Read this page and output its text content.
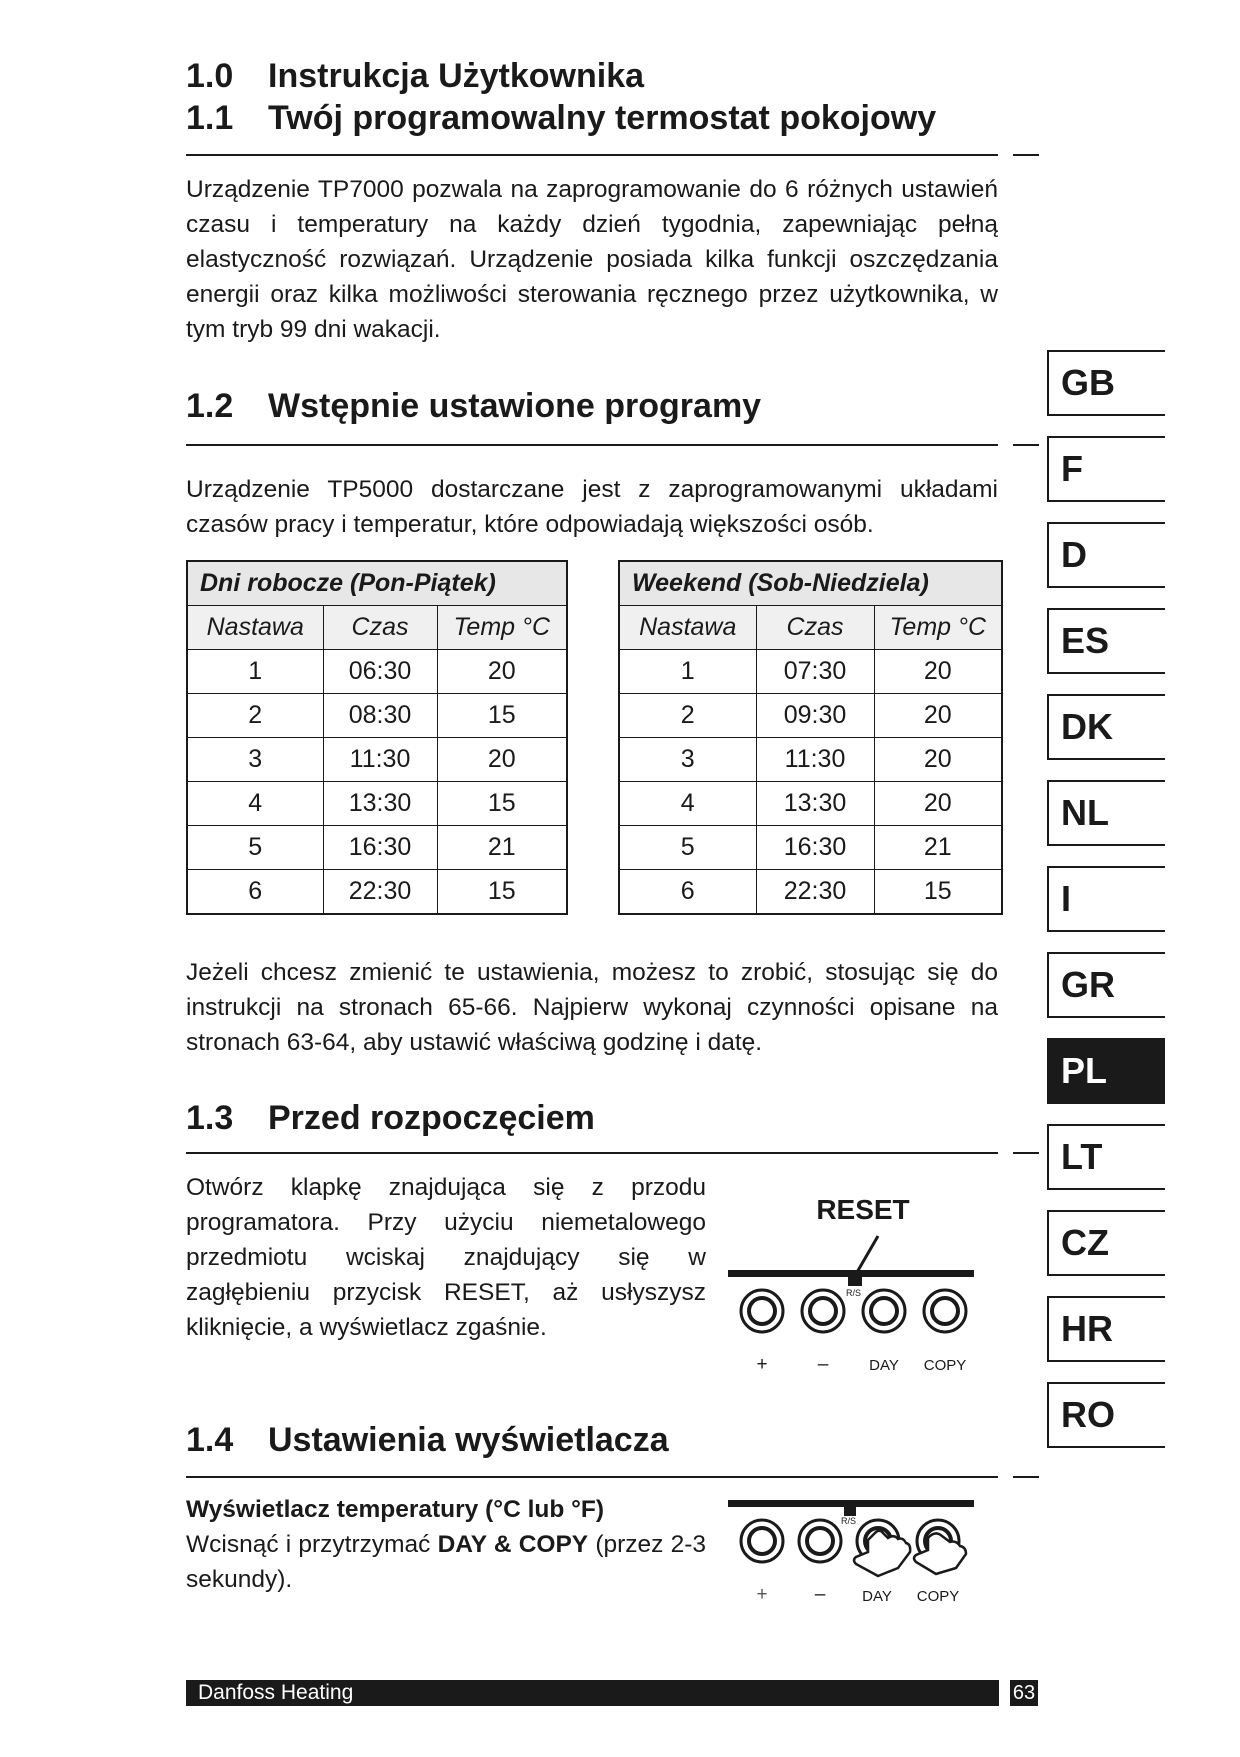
1.0 Instrukcja Użytkownika
1.1 Twój programowalny termostat pokojowy
Urządzenie TP7000 pozwala na zaprogramowanie do 6 różnych ustawień czasu i temperatury na każdy dzień tygodnia, zapewniając pełną elastyczność rozwiązań. Urządzenie posiada kilka funkcji oszczędzania energii oraz kilka możliwości sterowania ręcznego przez użytkownika, w tym tryb 99 dni wakacji.
1.2 Wstępnie ustawione programy
Urządzenie TP5000 dostarczane jest z zaprogramowanymi układami czasów pracy i temperatur, które odpowiadają większości osób.
Dni robocze (Pon-Piątek)		
Nastawa	Czas	Temp °C
1	06:30	20
2	08:30	15
3	11:30	20
4	13:30	15
5	16:30	21
6	22:30	15
Weekend (Sob-Niedziela)		
Nastawa	Czas	Temp °C
1	07:30	20
2	09:30	20
3	11:30	20
4	13:30	20
5	16:30	21
6	22:30	15
Jeżeli chcesz zmienić te ustawienia, możesz to zrobić, stosując się do instrukcji na stronach 65-66. Najpierw wykonaj czynności opisane na stronach 63-64, aby ustawić właściwą godzinę i datę.
1.3 Przed rozpoczęciem
Otwórz klapkę znajdująca się z przodu programatora. Przy użyciu niemetalowego przedmiotu wciskaj znajdujący się w zagłębieniu przycisk RESET, aż usłyszysz kliknięcie, a wyświetlacz zgaśnie.
RESET
R/S
+	–	DAY	COPY
1.4 Ustawienia wyświetlacza
Wyświetlacz temperatury (°C lub °F)
Wcisnąć i przytrzymać DAY & COPY (przez 2-3 sekundy).
R/S
+	–	DAY	COPY
GB
F
D
ES
DK
NL
I
GR
PL
LT
CZ
HR
RO
Danfoss Heating	63
